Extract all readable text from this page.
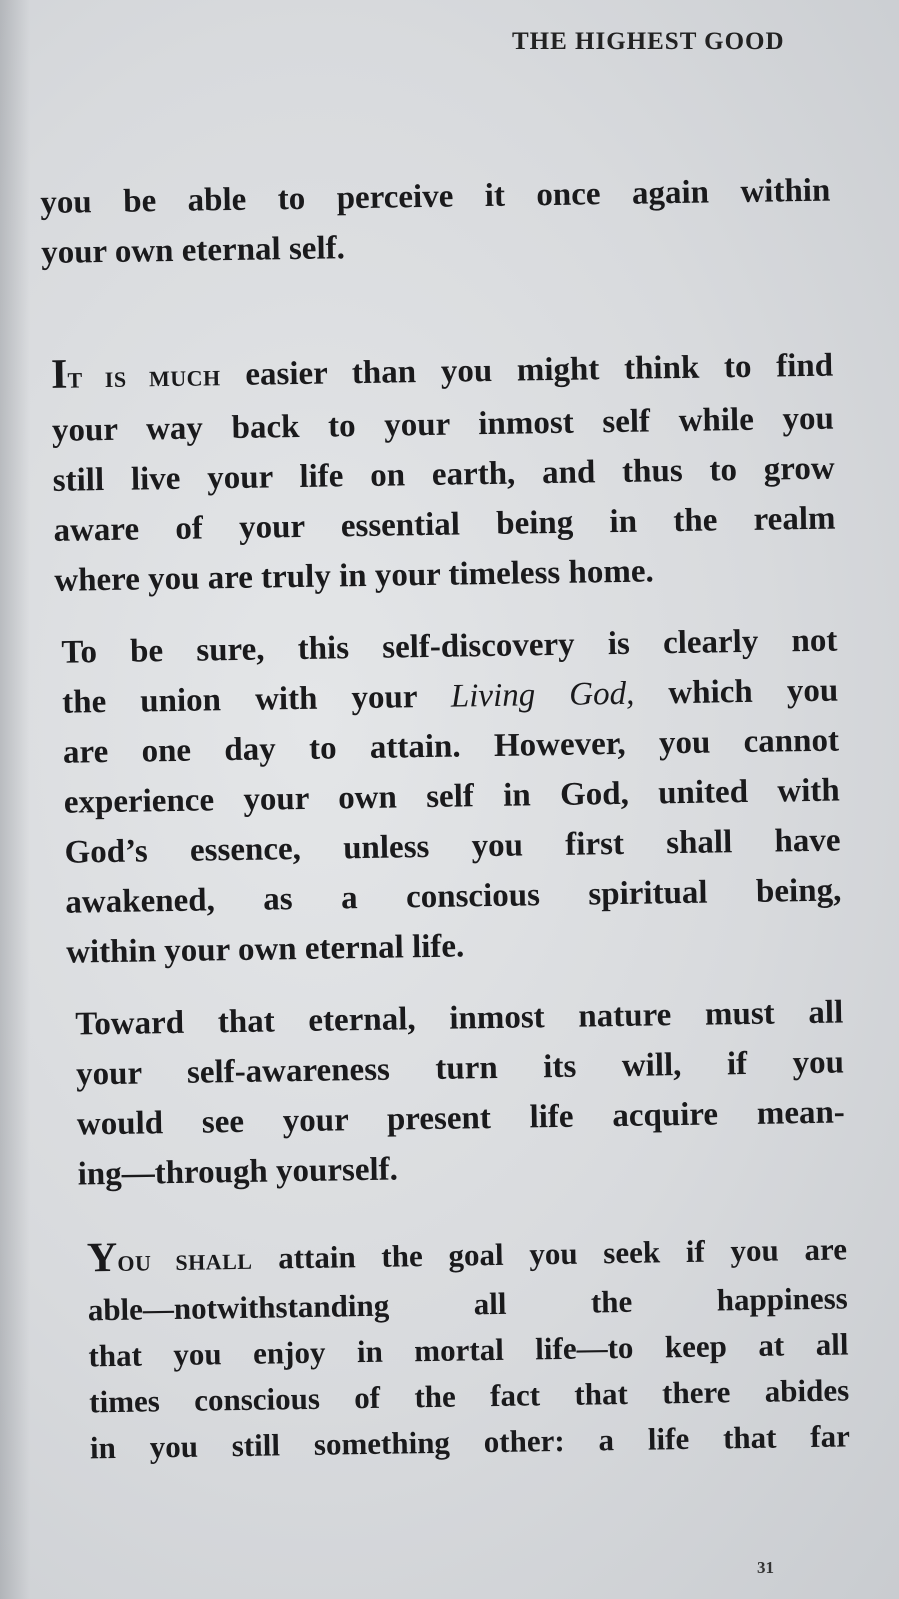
THE HIGHEST GOOD

you be able to perceive it once again within
your own eternal self.

IT IS MUCH easier than you might think to find
your way back to your inmost self while you
still live your life on earth, and thus to grow
aware of your essential being in the realm
where you are truly in your timeless home.

To be sure, this self-discovery is clearly not
the union with your Living God, which you
are one day to attain. However, you cannot
experience your own self in God, united with
God’s essence, unless you first shall have
awakened, as a conscious spiritual being,
within your own eternal life.

Toward that eternal, inmost nature must all
your self-awareness turn its will, if you
would see your present life acquire mean-
ing—through yourself.

YOU SHALL attain the goal you seek if you are
able—notwithstanding all the happiness
that you enjoy in mortal life—to keep at all
times conscious of the fact that there abides
in you still something other: a life that far

31
